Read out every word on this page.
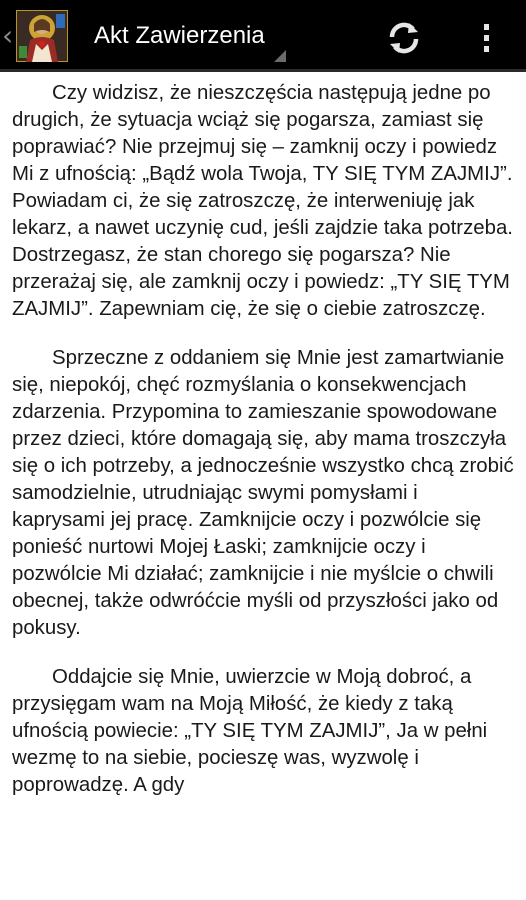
‹	Akt Zawierzenia

Czy widzisz, że nieszczęścia następują jedne po drugich, że sytuacja wciąż się pogarsza, zamiast się poprawiać? Nie przejmuj się – zamknij oczy i powiedz Mi z ufnością: „Bądź wola Twoja, TY SIĘ TYM ZAJMIJ”. Powiadam ci, że się zatroszczę, że interweniuję jak lekarz, a nawet uczynię cud, jeśli zajdzie taka potrzeba. Dostrzegasz, że stan chorego się pogarsza? Nie przerażaj się, ale zamknij oczy i powiedz: „TY SIĘ TYM ZAJMIJ”. Zapewniam cię, że się o ciebie zatroszczę.

Sprzeczne z oddaniem się Mnie jest zamartwianie się, niepokój, chęć rozmyślania o konsekwencjach zdarzenia. Przypomina to zamieszanie spowodowane przez dzieci, które domagają się, aby mama troszczyła się o ich potrzeby, a jednocześnie wszystko chcą zrobić samodzielnie, utrudniając swymi pomysłami i kaprysami jej pracę. Zamknijcie oczy i pozwólcie się ponieść nurtowi Mojej Łaski; zamknijcie oczy i pozwólcie Mi działać; zamknijcie i nie myślcie o chwili obecnej, także odwróćcie myśli od przyszłości jako od pokusy.

Oddajcie się Mnie, uwierzcie w Moją dobroć, a przysięgam wam na Moją Miłość, że kiedy z taką ufnością powiecie: „TY SIĘ TYM ZAJMIJ”, Ja w pełni wezmę to na siebie, pocieszę was, wyzwolę i poprowadzę. A gdy
